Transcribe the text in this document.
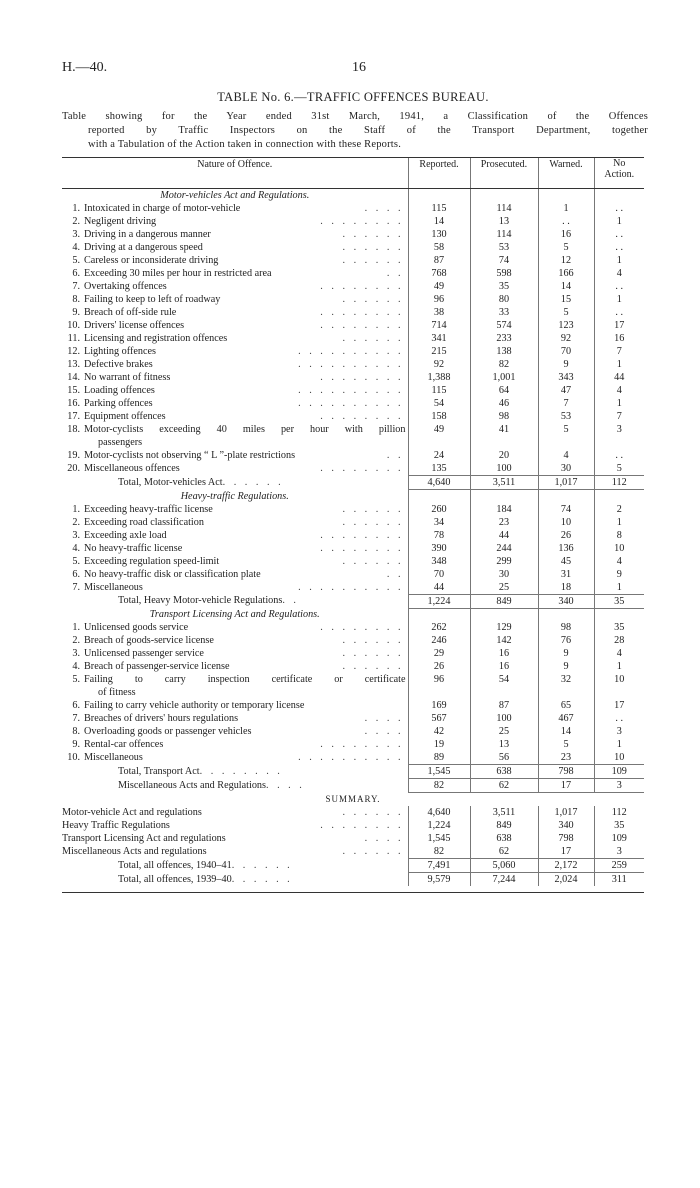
H.—40.	16
TABLE No. 6.—TRAFFIC OFFENCES BUREAU.
Table showing for the Year ended 31st March, 1941, a Classification of the Offences
reported by Traffic Inspectors on the Staff of the Transport Department, together
with a Tabulation of the Action taken in connection with these Reports.
Nature of Offence.	Reported.	Prosecuted.	Warned.	No
Action.
Motor-vehicles Act and Regulations.				

1. Intoxicated in charge of motor-vehicle . . . .	115	114	1	. .

2. Negligent driving . . . . . . . .	14	13	. .	1

3. Driving in a dangerous manner . . . . . .	130	114	16	. .

4. Driving at a dangerous speed . . . . . .	58	53	5	. .

5. Careless or inconsiderate driving . . . . . .	87	74	12	1

6. Exceeding 30 miles per hour in restricted area . .	768	598	166	4

7. Overtaking offences . . . . . . . .	49	35	14	. .

8. Failing to keep to left of roadway . . . . . .	96	80	15	1

9. Breach of off-side rule . . . . . . . .	38	33	5	. .

10. Drivers' license offences . . . . . . . .	714	574	123	17

11. Licensing and registration offences . . . . . .	341	233	92	16

12. Lighting offences . . . . . . . . . .	215	138	70	7

13. Defective brakes . . . . . . . . . .	92	82	9	1

14. No warrant of fitness . . . . . . . .	1,388	1,001	343	44

15. Loading offences . . . . . . . . . .	115	64	47	4

16. Parking offences . . . . . . . . . .	54	46	7	1

17. Equipment offences . . . . . . . .	158	98	53	7

18. Motor-cyclists exceeding 40 miles per hour with pillion
passengers	49	41	5	3

19. Motor-cyclists not observing “ L ”-plate restrictions . .	24	20	4	. .

20. Miscellaneous offences . . . . . . . .	135	100	30	5
Total, Motor-vehicles Act. . . . . .	4,640	3,511	1,017	112
Heavy-traffic Regulations.				

1. Exceeding heavy-traffic license . . . . . .	260	184	74	2

2. Exceeding road classification . . . . . .	34	23	10	1

3. Exceeding axle load . . . . . . . .	78	44	26	8

4. No heavy-traffic license . . . . . . . .	390	244	136	10

5. Exceeding regulation speed-limit . . . . . .	348	299	45	4

6. No heavy-traffic disk or classification plate . .	70	30	31	9

7. Miscellaneous . . . . . . . . . .	44	25	18	1
Total, Heavy Motor-vehicle Regulations. .	1,224	849	340	35
Transport Licensing Act and Regulations.				

1. Unlicensed goods service . . . . . . . .	262	129	98	35

2. Breach of goods-service license . . . . . .	246	142	76	28

3. Unlicensed passenger service . . . . . .	29	16	9	4

4. Breach of passenger-service license . . . . . .	26	16	9	1

5. Failing to carry inspection certificate or certificate
of fitness	96	54	32	10

6. Failing to carry vehicle authority or temporary license	169	87	65	17

7. Breaches of drivers' hours regulations . . . .	567	100	467	. .

8. Overloading goods or passenger vehicles . . . .	42	25	14	3

9. Rental-car offences . . . . . . . .	19	13	5	1

10. Miscellaneous . . . . . . . . . .	89	56	23	10
Total, Transport Act. . . . . . . .	1,545	638	798	109
Miscellaneous Acts and Regulations. . . .	82	62	17	3
SUMMARY.				

Motor-vehicle Act and regulations . . . . . .	4,640	3,511	1,017	112

Heavy Traffic Regulations . . . . . . . .	1,224	849	340	35

Transport Licensing Act and regulations . . . .	1,545	638	798	109

Miscellaneous Acts and regulations . . . . . .	82	62	17	3
Total, all offences, 1940–41. . . . . .	7,491	5,060	2,172	259
Total, all offences, 1939–40. . . . . .	9,579	7,244	2,024	311
